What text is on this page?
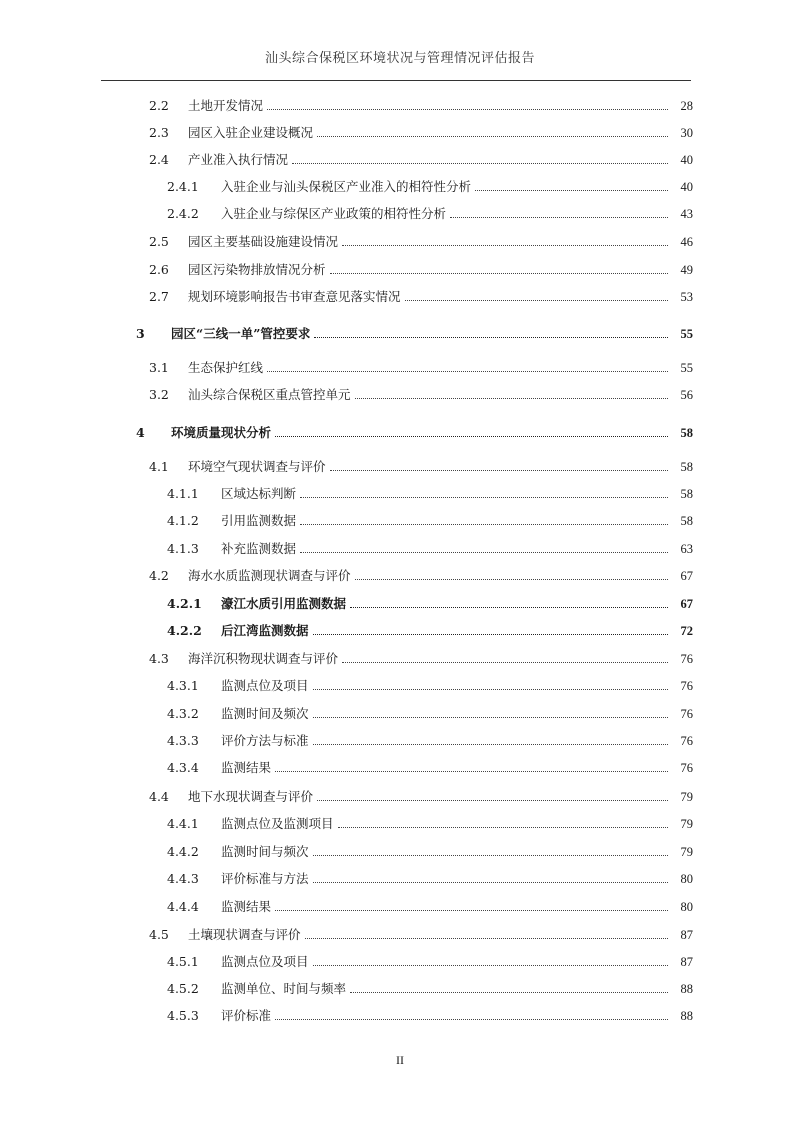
汕头综合保税区环境状况与管理情况评估报告
2.2	土地开发情况	28
2.3	园区入驻企业建设概况	30
2.4	产业准入执行情况	40
2.4.1	入驻企业与汕头保税区产业准入的相符性分析	40
2.4.2	入驻企业与综保区产业政策的相符性分析	43
2.5	园区主要基础设施建设情况	46
2.6	园区污染物排放情况分析	49
2.7	规划环境影响报告书审查意见落实情况	53
3	园区“三线一单”管控要求	55
3.1	生态保护红线	55
3.2	汕头综合保税区重点管控单元	56
4	环境质量现状分析	58
4.1	环境空气现状调查与评价	58
4.1.1	区域达标判断	58
4.1.2	引用监测数据	58
4.1.3	补充监测数据	63
4.2	海水水质监测现状调查与评价	67
4.2.1	濠江水质引用监测数据	67
4.2.2	后江湾监测数据	72
4.3	海洋沉积物现状调查与评价	76
4.3.1	监测点位及项目	76
4.3.2	监测时间及频次	76
4.3.3	评价方法与标准	76
4.3.4	监测结果	76
4.4	地下水现状调查与评价	79
4.4.1	监测点位及监测项目	79
4.4.2	监测时间与频次	79
4.4.3	评价标准与方法	80
4.4.4	监测结果	80
4.5	土壤现状调查与评价	87
4.5.1	监测点位及项目	87
4.5.2	监测单位、时间与频率	88
4.5.3	评价标准	88
II
